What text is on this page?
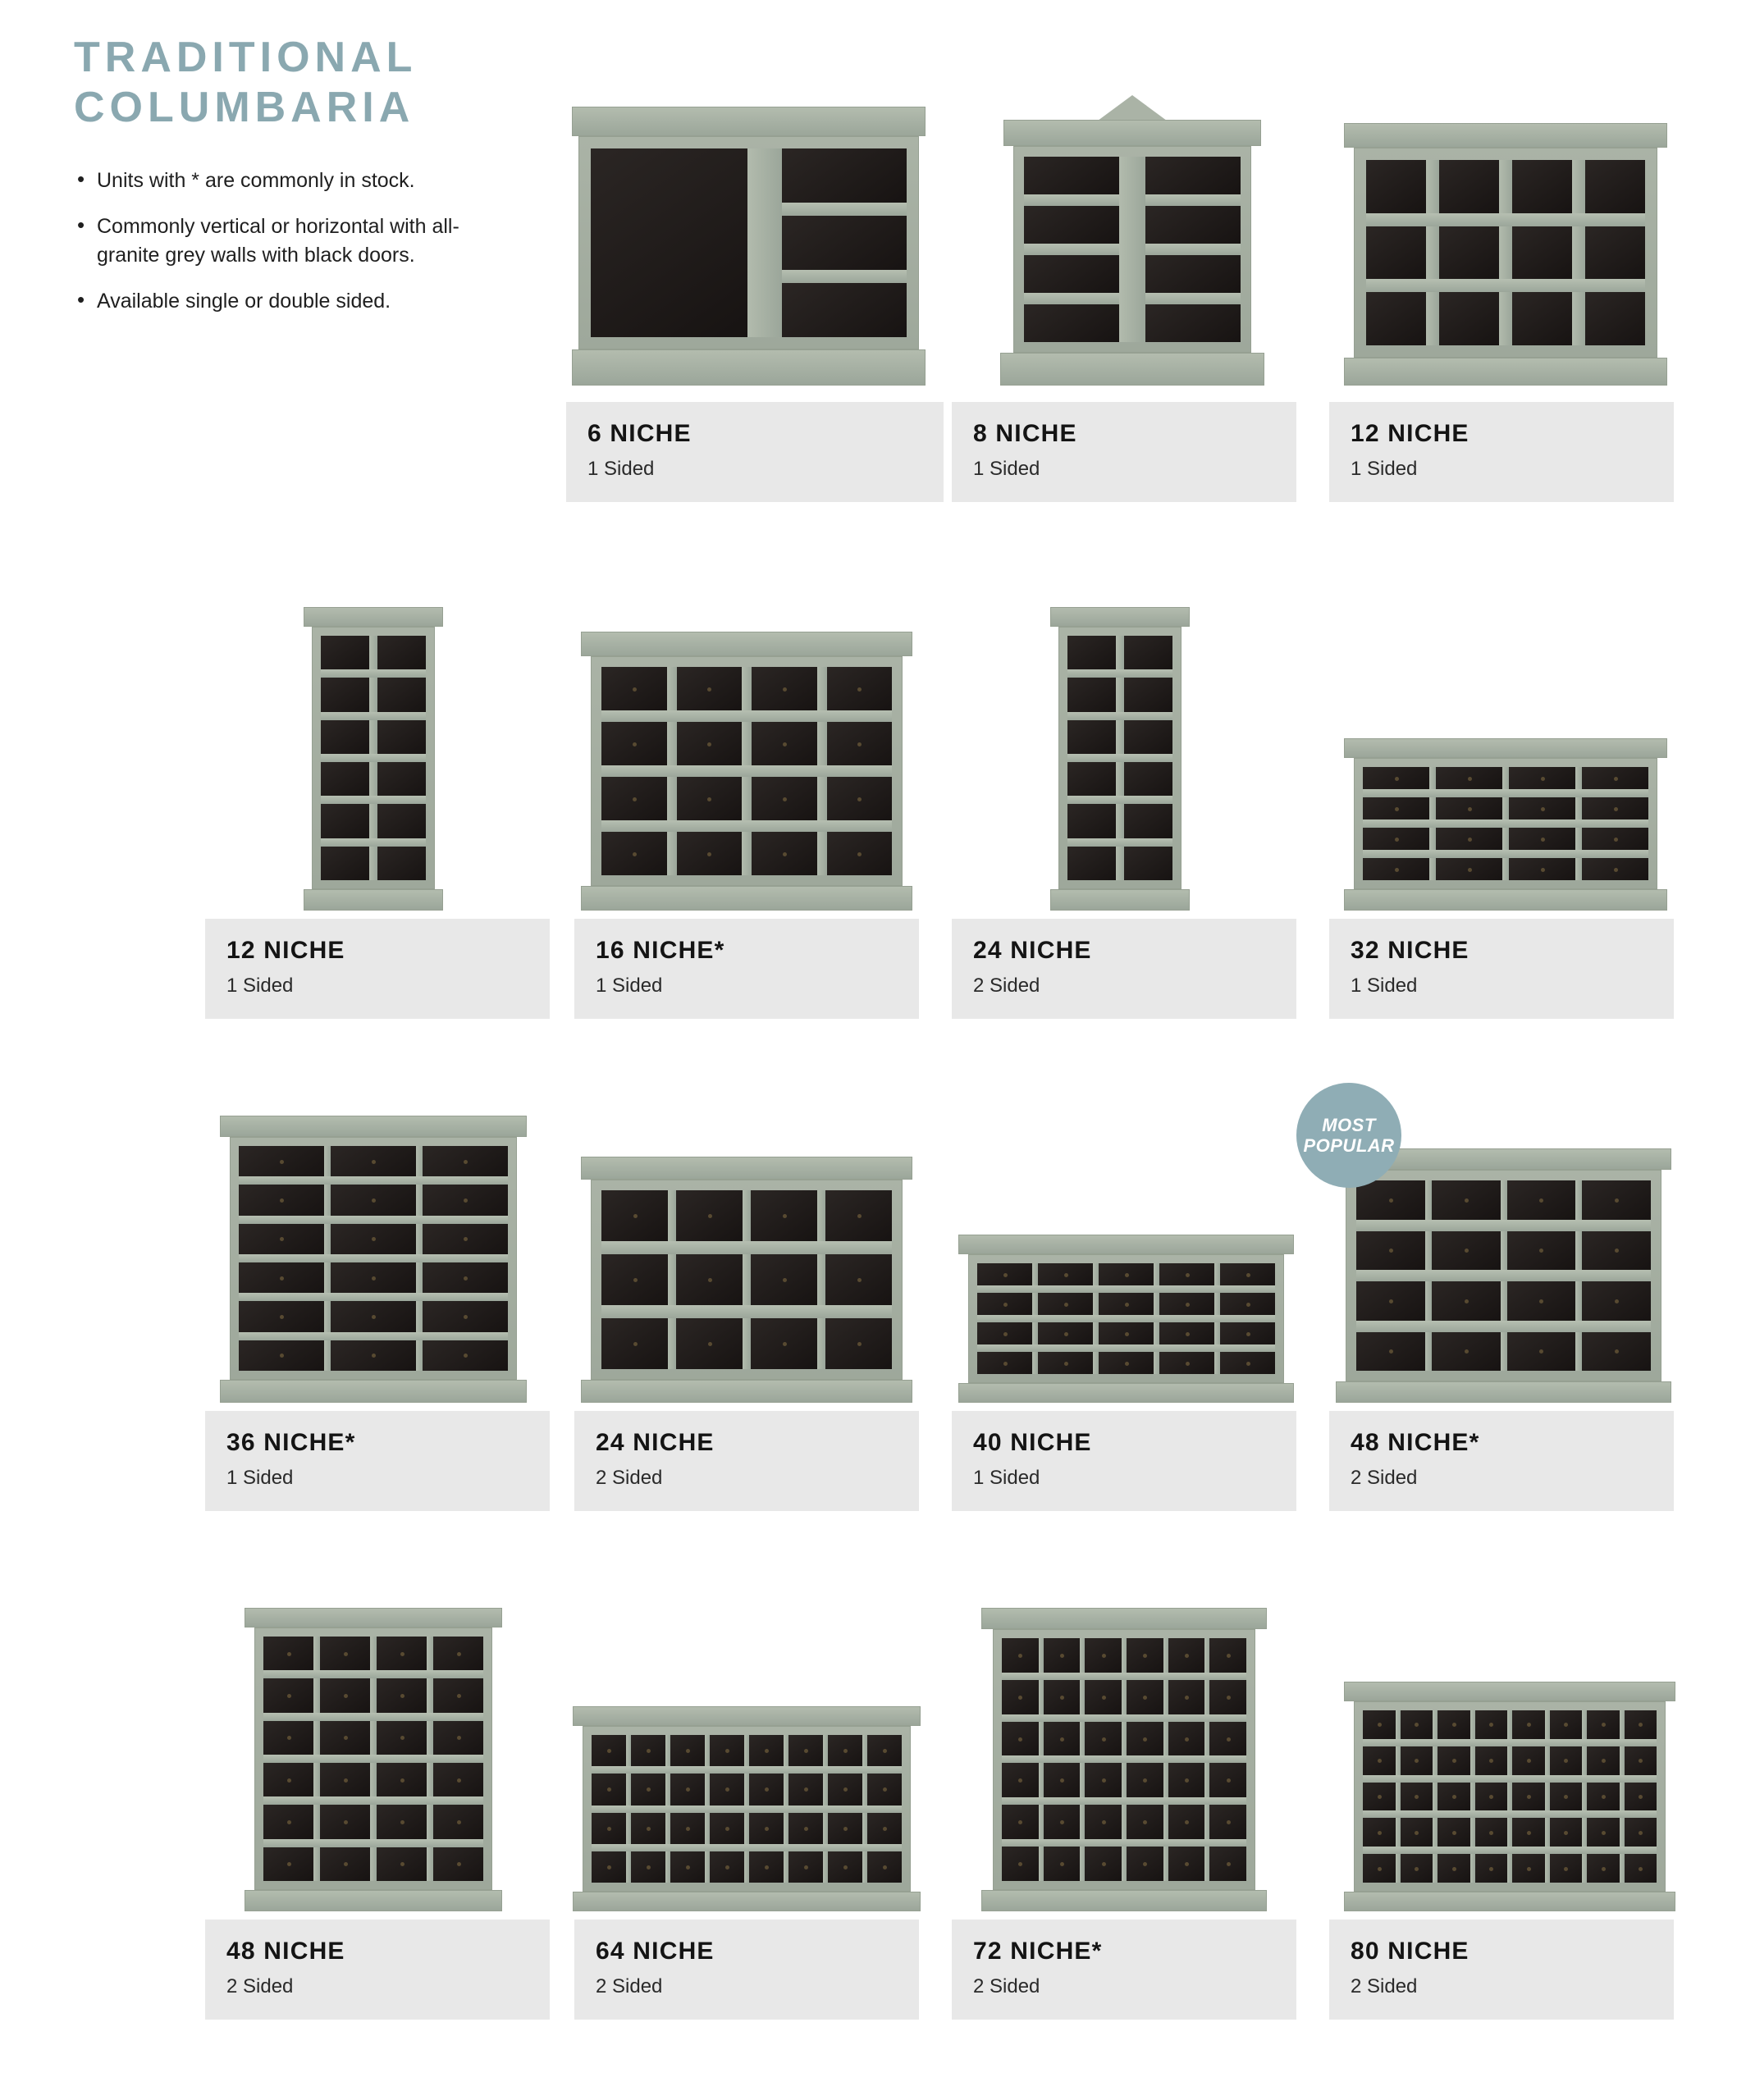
TRADITIONAL COLUMBARIA
• Units with * are commonly in stock.
• Commonly vertical or horizontal with all-granite grey walls with black doors.
• Available single or double sided.
6 NICHE
1 Sided
8 NICHE
1 Sided
12 NICHE
1 Sided
12 NICHE
1 Sided
16 NICHE*
1 Sided
24 NICHE
2 Sided
32 NICHE
1 Sided
36 NICHE*
1 Sided
24 NICHE
2 Sided
40 NICHE
1 Sided
MOST
POPULAR
48 NICHE*
2 Sided
48 NICHE
2 Sided
64 NICHE
2 Sided
72 NICHE*
2 Sided
80 NICHE
2 Sided
